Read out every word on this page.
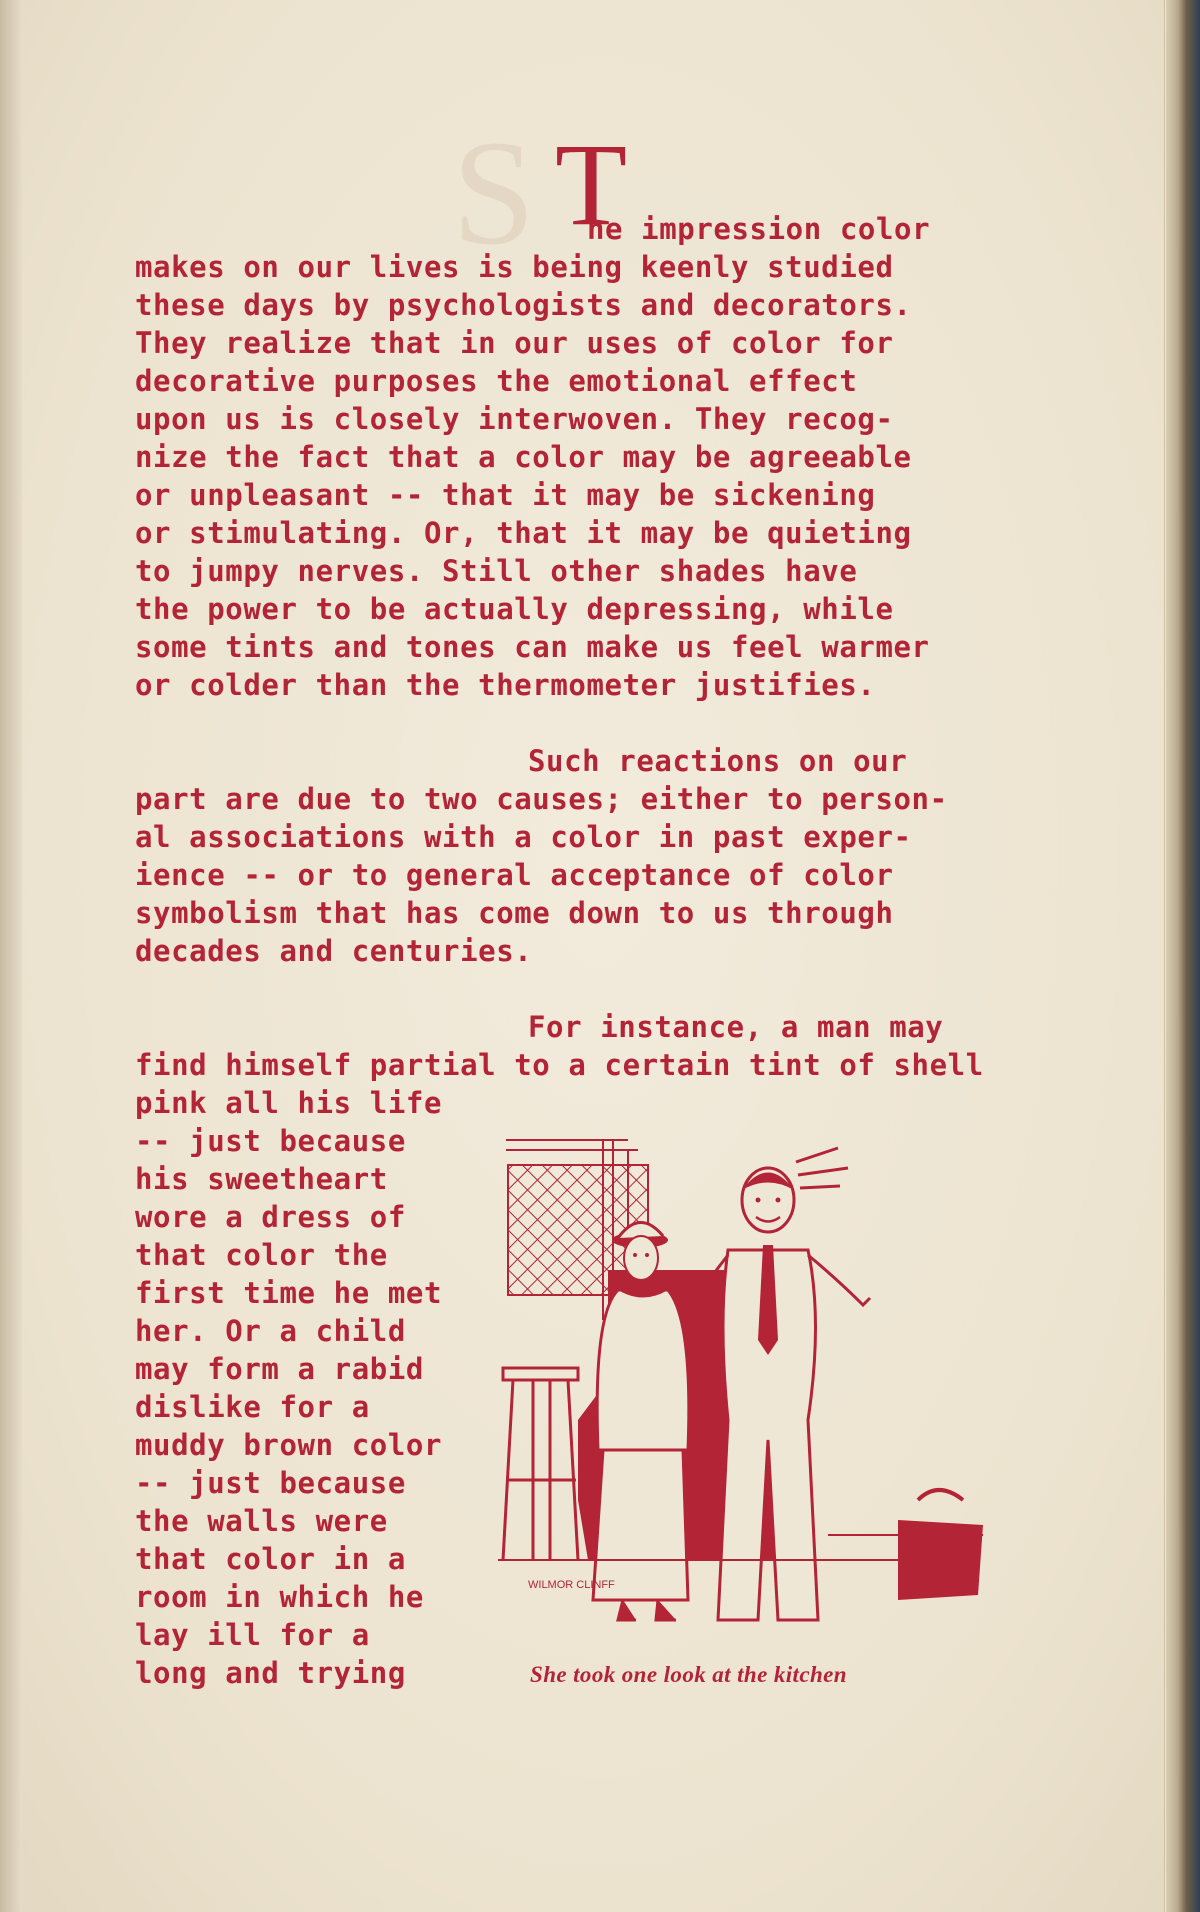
S T
he impression color
makes on our lives is being keenly studied
these days by psychologists and decorators.
They realize that in our uses of color for
decorative purposes the emotional effect
upon us is closely interwoven. They recog-
nize the fact that a color may be agreeable
or unpleasant -- that it may be sickening
or stimulating. Or, that it may be quieting
to jumpy nerves. Still other shades have
the power to be actually depressing, while
some tints and tones can make us feel warmer
or colder than the thermometer justifies.
Such reactions on our
part are due to two causes; either to person-
al associations with a color in past exper-
ience -- or to general acceptance of color
symbolism that has come down to us through
decades and centuries.
For instance, a man may
find himself partial to a certain tint of shell
pink all his life
-- just because
his sweetheart
wore a dress of
that color the
first time he met
her. Or a child
may form a rabid
dislike for a
muddy brown color
-- just because
the walls were
that color in a
room in which he
lay ill for a
long and trying
WILMOR CLINFF
She took one look at the kitchen
